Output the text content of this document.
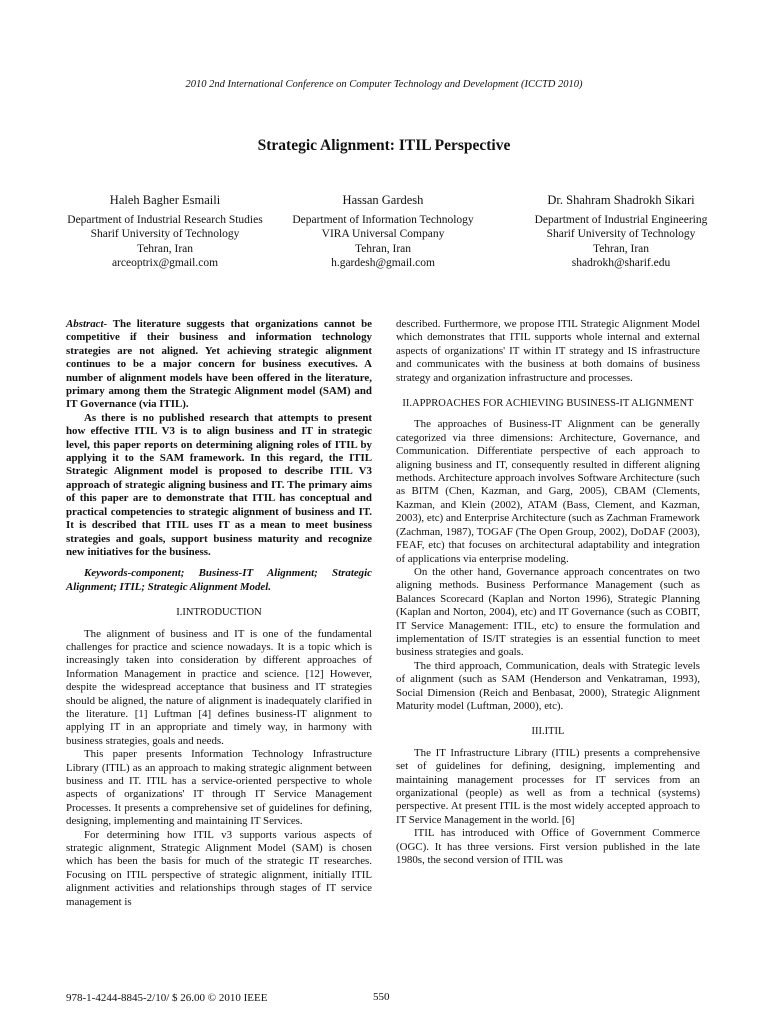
2010 2nd International Conference on Computer Technology and Development (ICCTD 2010)
Strategic Alignment: ITIL Perspective
Haleh Bagher Esmaili
Department of Industrial Research Studies
Sharif University of Technology
Tehran, Iran
arceoptrix@gmail.com
Hassan Gardesh
Department of Information Technology
VIRA Universal Company
Tehran, Iran
h.gardesh@gmail.com
Dr. Shahram Shadrokh Sikari
Department of Industrial Engineering
Sharif University of Technology
Tehran, Iran
shadrokh@sharif.edu

Abstract- The literature suggests that organizations cannot be competitive if their business and information technology strategies are not aligned. Yet achieving strategic alignment continues to be a major concern for business executives. A number of alignment models have been offered in the literature, primary among them the Strategic Alignment model (SAM) and IT Governance (via ITIL).

As there is no published research that attempts to present how effective ITIL V3 is to align business and IT in strategic level, this paper reports on determining aligning roles of ITIL by applying it to the SAM framework. In this regard, the ITIL Strategic Alignment model is proposed to describe ITIL V3 approach of strategic aligning business and IT. The primary aims of this paper are to demonstrate that ITIL has conceptual and practical competencies to strategic alignment of business and IT. It is described that ITIL uses IT as a mean to meet business strategies and goals, support business maturity and recognize new initiatives for the business.

Keywords-component; Business-IT Alignment; Strategic Alignment; ITIL; Strategic Alignment Model.

I.INTRODUCTION

The alignment of business and IT is one of the fundamental challenges for practice and science nowadays. It is a topic which is increasingly taken into consideration by different approaches of Information Management in practice and science. [12] However, despite the widespread acceptance that business and IT strategies should be aligned, the nature of alignment is inadequately clarified in the literature. [1] Luftman [4] defines business-IT alignment to applying IT in an appropriate and timely way, in harmony with business strategies, goals and needs.

This paper presents Information Technology Infrastructure Library (ITIL) as an approach to making strategic alignment between business and IT. ITIL has a service-oriented perspective to whole aspects of organizations' IT through IT Service Management Processes. It presents a comprehensive set of guidelines for defining, designing, implementing and maintaining IT Services.

For determining how ITIL v3 supports various aspects of strategic alignment, Strategic Alignment Model (SAM) is chosen which has been the basis for much of the strategic IT researches. Focusing on ITIL perspective of strategic alignment, initially ITIL alignment activities and relationships through stages of IT service management is

described. Furthermore, we propose ITIL Strategic Alignment Model which demonstrates that ITIL supports whole internal and external aspects of organizations' IT within IT strategy and IS infrastructure and communicates with the business at both domains of business strategy and organization infrastructure and processes.

II.APPROACHES FOR ACHIEVING BUSINESS-IT ALIGNMENT

The approaches of Business-IT Alignment can be generally categorized via three dimensions: Architecture, Governance, and Communication. Differentiate perspective of each approach to aligning business and IT, consequently resulted in different aligning methods. Architecture approach involves Software Architecture (such as BITM (Chen, Kazman, and Garg, 2005), CBAM (Clements, Kazman, and Klein (2002), ATAM (Bass, Clement, and Kazman, 2003), etc) and Enterprise Architecture (such as Zachman Framework (Zachman, 1987), TOGAF (The Open Group, 2002), DoDAF (2003), FEAF, etc) that focuses on architectural adaptability and integration of applications via enterprise modeling.

On the other hand, Governance approach concentrates on two aligning methods. Business Performance Management (such as Balances Scorecard (Kaplan and Norton 1996), Strategic Planning (Kaplan and Norton, 2004), etc) and IT Governance (such as COBIT, IT Service Management: ITIL, etc) to ensure the formulation and implementation of IS/IT strategies is an essential function to meet business strategies and goals.

The third approach, Communication, deals with Strategic levels of alignment (such as SAM (Henderson and Venkatraman, 1993), Social Dimension (Reich and Benbasat, 2000), Strategic Alignment Maturity model (Luftman, 2000), etc).

III.ITIL

The IT Infrastructure Library (ITIL) presents a comprehensive set of guidelines for defining, designing, implementing and maintaining management processes for IT services from an organizational (people) as well as from a technical (systems) perspective. At present ITIL is the most widely accepted approach to IT Service Management in the world. [6]

ITIL has introduced with Office of Government Commerce (OGC). It has three versions. First version published in the late 1980s, the second version of ITIL was

978-1-4244-8845-2/10/ $ 26.00 © 2010 IEEE	550
